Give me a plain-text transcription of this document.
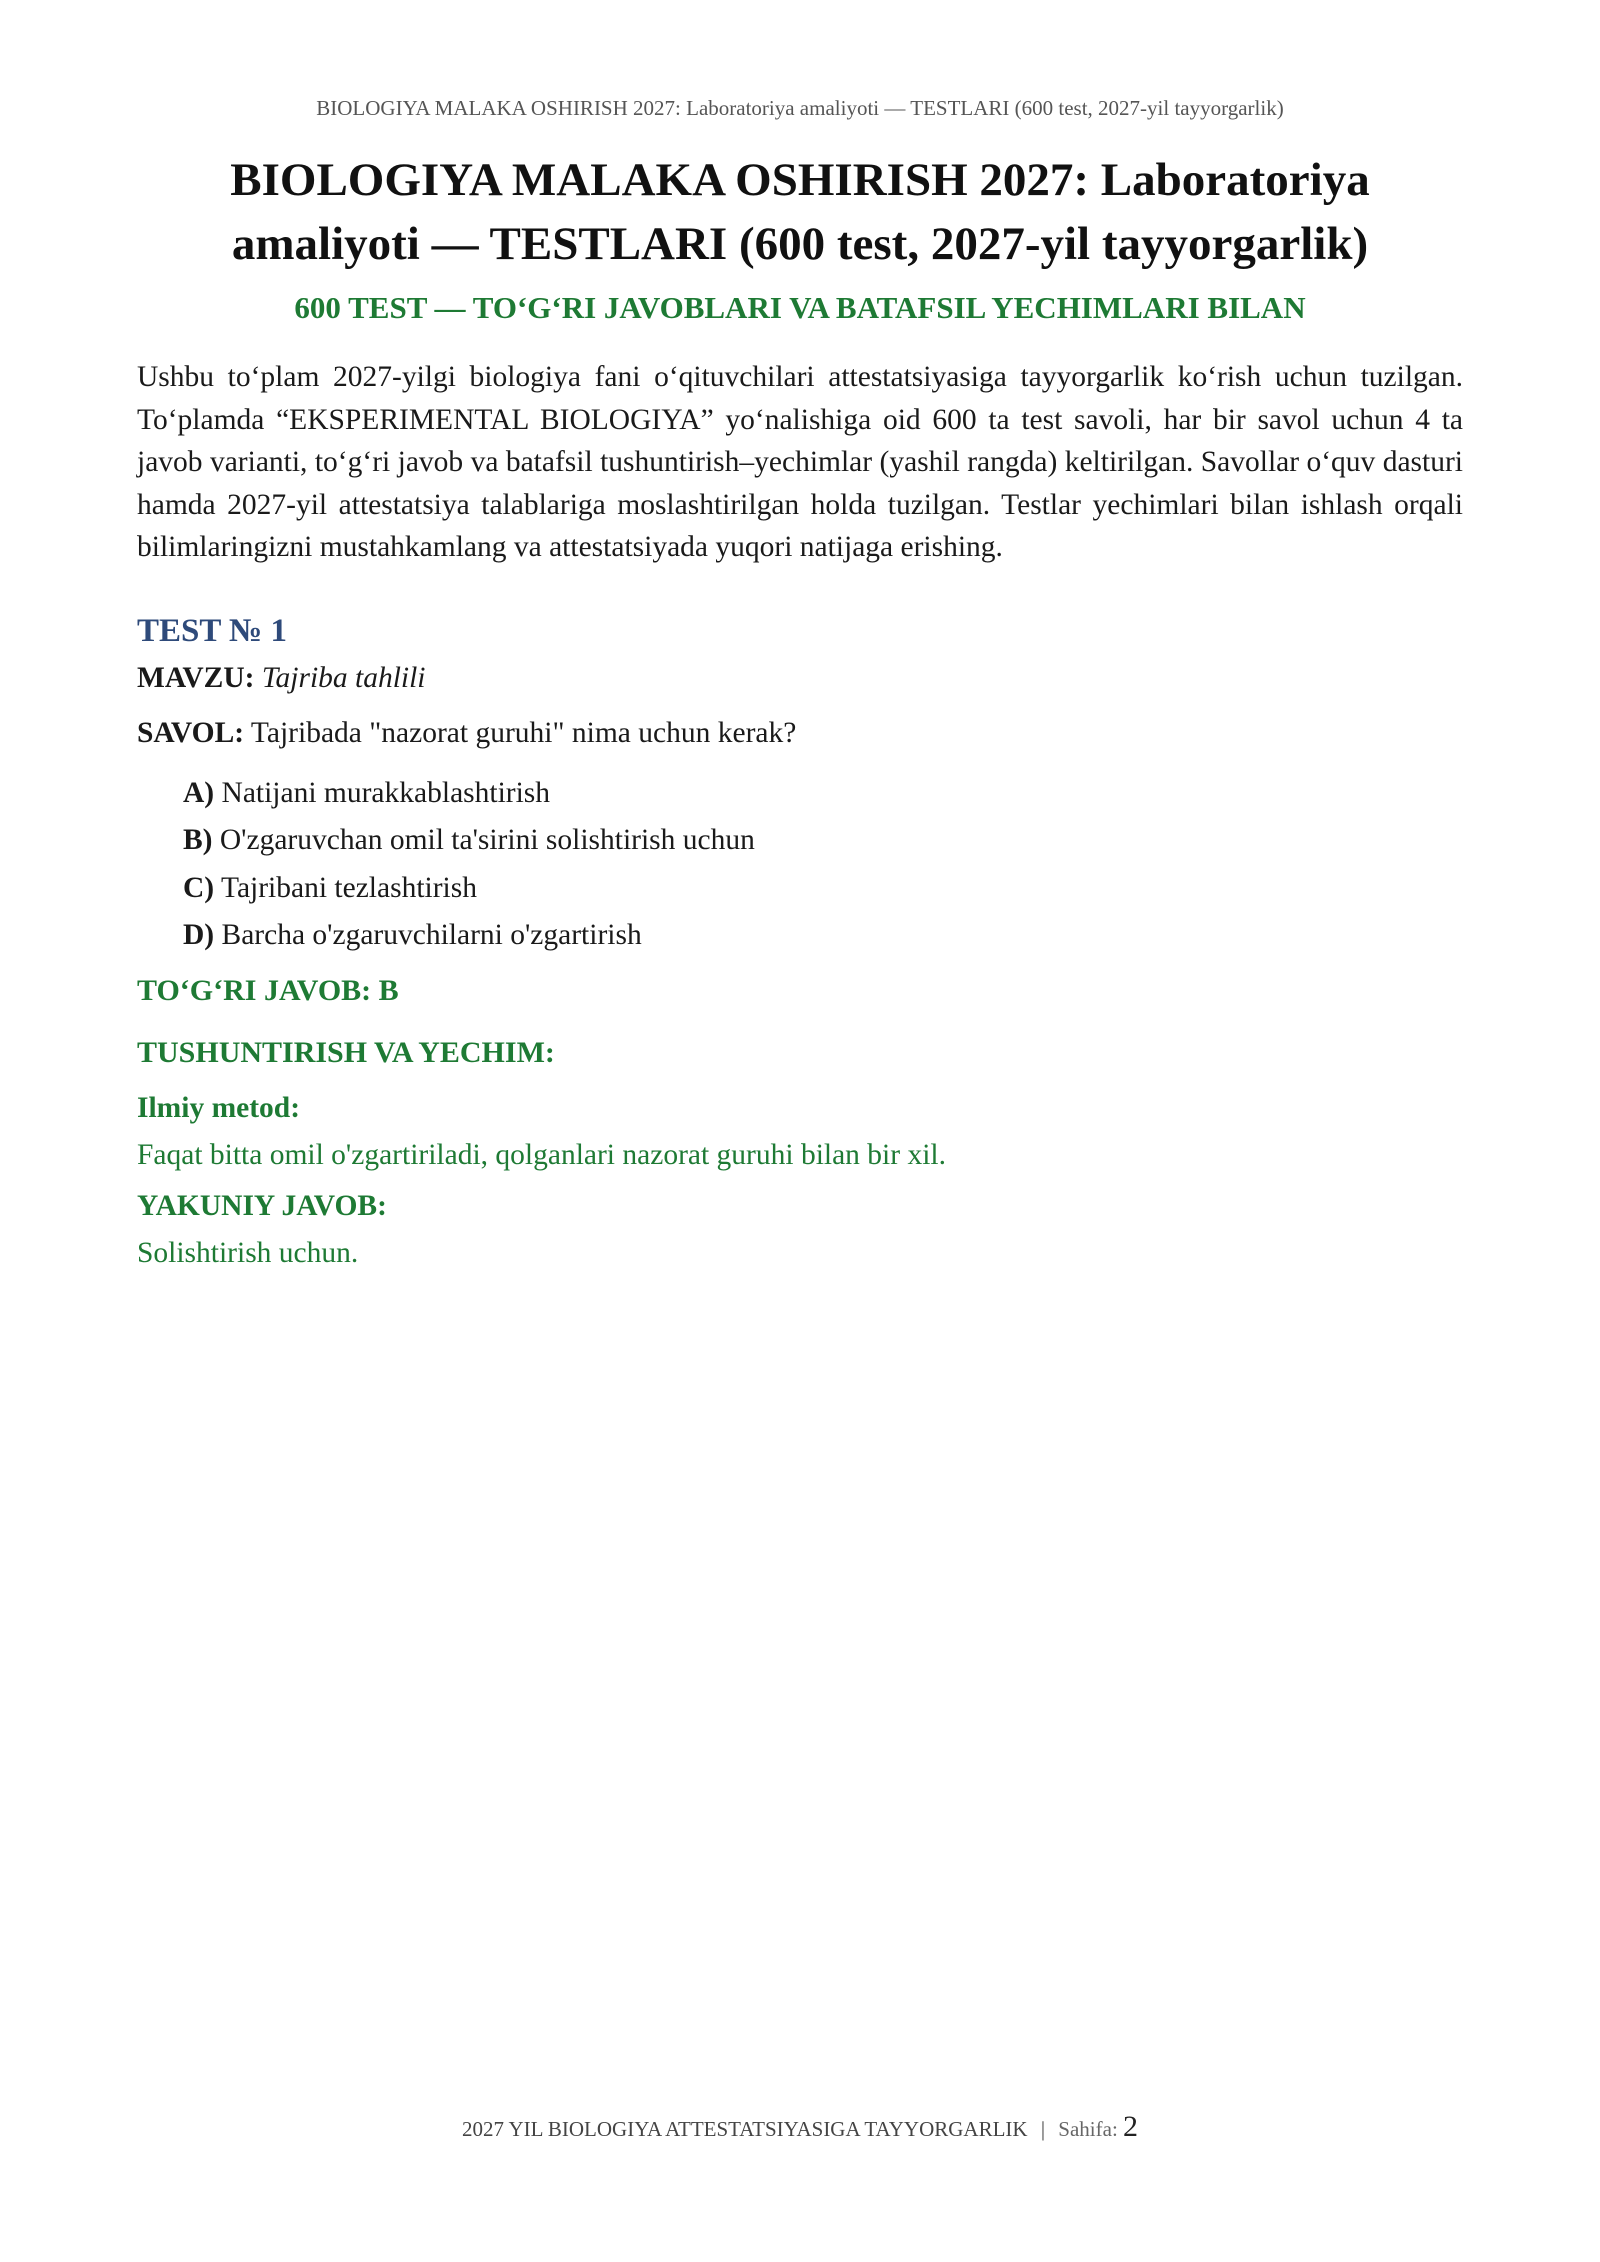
BIOLOGIYA MALAKA OSHIRISH 2027: Laboratoriya amaliyoti — TESTLARI (600 test, 2027-yil tayyorgarlik)
BIOLOGIYA MALAKA OSHIRISH 2027: Laboratoriya
amaliyoti — TESTLARI (600 test, 2027-yil tayyorgarlik)
600 TEST — TO‘G‘RI JAVOBLARI VA BATAFSIL YECHIMLARI BILAN

Ushbu to‘plam 2027-yilgi biologiya fani o‘qituvchilari attestatsiyasiga tayyorgarlik ko‘rish uchun tuzilgan. To‘plamda “EKSPERIMENTAL BIOLOGIYA” yo‘nalishiga oid 600 ta test savoli, har bir savol uchun 4 ta javob varianti, to‘g‘ri javob va batafsil tushuntirish–yechimlar (yashil rangda) keltirilgan. Savollar o‘quv dasturi hamda 2027-yil attestatsiya talablariga moslashtirilgan holda tuzilgan. Testlar yechimlari bilan ishlash orqali bilimlaringizni mustahkamlang va attestatsiyada yuqori natijaga erishing.

TEST № 1

MAVZU: Tajriba tahlili

SAVOL: Tajribada "nazorat guruhi" nima uchun kerak?

A) Natijani murakkablashtirish
B) O'zgaruvchan omil ta'sirini solishtirish uchun
C) Tajribani tezlashtirish
D) Barcha o'zgaruvchilarni o'zgartirish
TO‘G‘RI JAVOB: B
TUSHUNTIRISH VA YECHIM:
Ilmiy metod:
Faqat bitta omil o'zgartiriladi, qolganlari nazorat guruhi bilan bir xil.
YAKUNIY JAVOB:
Solishtirish uchun.
2027 YIL BIOLOGIYA ATTESTATSIYASIGA TAYYORGARLIK | Sahifa: 2
